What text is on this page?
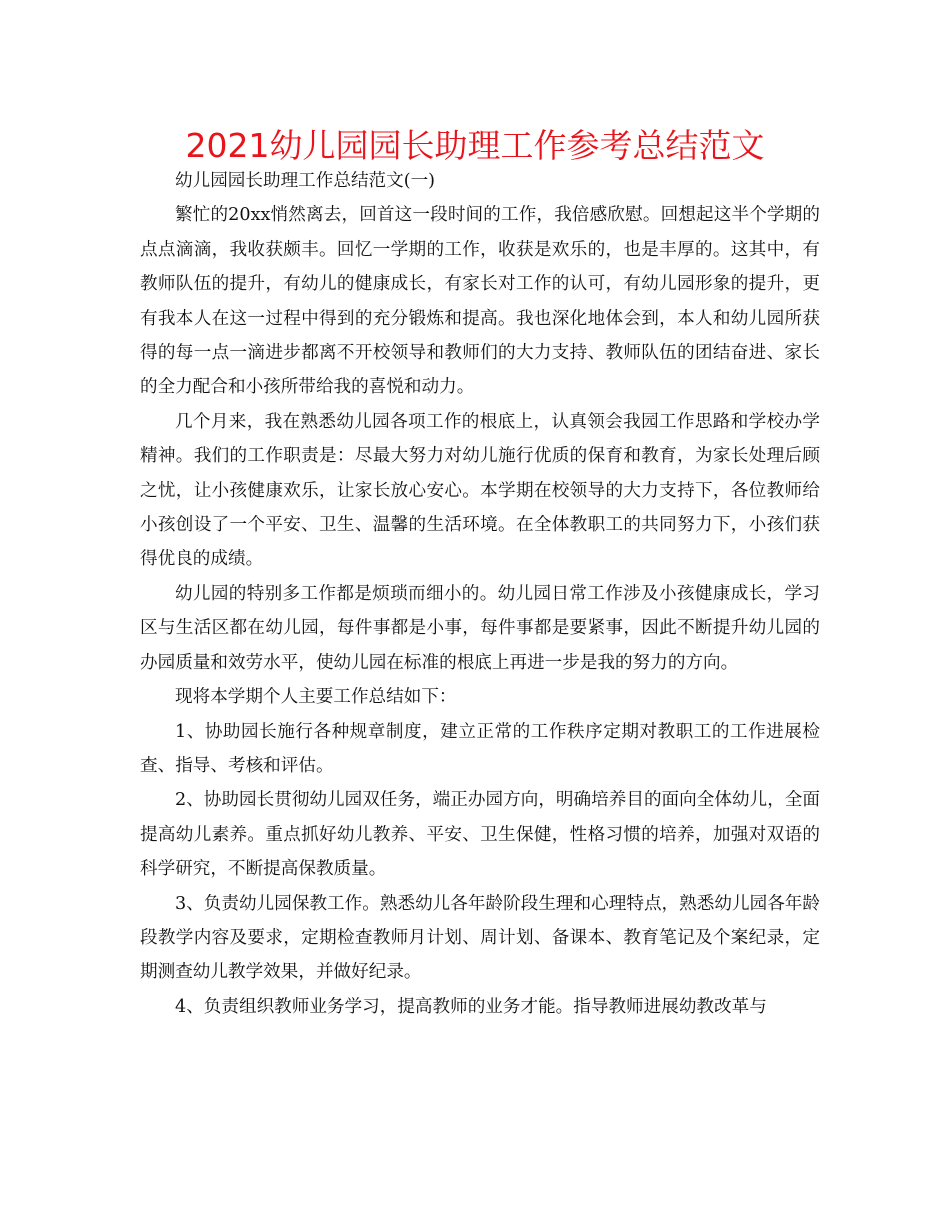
2021幼儿园园长助理工作参考总结范文

幼儿园园长助理工作总结范文(一)

繁忙的20xx悄然离去，回首这一段时间的工作，我倍感欣慰。回想起这半个学期的点点滴滴，我收获颇丰。回忆一学期的工作，收获是欢乐的，也是丰厚的。这其中，有教师队伍的提升，有幼儿的健康成长，有家长对工作的认可，有幼儿园形象的提升，更有我本人在这一过程中得到的充分锻炼和提高。我也深化地体会到，本人和幼儿园所获得的每一点一滴进步都离不开校领导和教师们的大力支持、教师队伍的团结奋进、家长的全力配合和小孩所带给我的喜悦和动力。

几个月来，我在熟悉幼儿园各项工作的根底上，认真领会我园工作思路和学校办学精神。我们的工作职责是：尽最大努力对幼儿施行优质的保育和教育，为家长处理后顾之忧，让小孩健康欢乐，让家长放心安心。本学期在校领导的大力支持下，各位教师给小孩创设了一个平安、卫生、温馨的生活环境。在全体教职工的共同努力下，小孩们获得优良的成绩。

幼儿园的特别多工作都是烦琐而细小的。幼儿园日常工作涉及小孩健康成长，学习区与生活区都在幼儿园，每件事都是小事，每件事都是要紧事，因此不断提升幼儿园的办园质量和效劳水平，使幼儿园在标准的根底上再进一步是我的努力的方向。

现将本学期个人主要工作总结如下：

1、协助园长施行各种规章制度，建立正常的工作秩序定期对教职工的工作进展检查、指导、考核和评估。

2、协助园长贯彻幼儿园双任务，端正办园方向，明确培养目的面向全体幼儿，全面提高幼儿素养。重点抓好幼儿教养、平安、卫生保健，性格习惯的培养，加强对双语的科学研究，不断提高保教质量。

3、负责幼儿园保教工作。熟悉幼儿各年龄阶段生理和心理特点，熟悉幼儿园各年龄段教学内容及要求，定期检查教师月计划、周计划、备课本、教育笔记及个案纪录，定期测查幼儿教学效果，并做好纪录。

4、负责组织教师业务学习，提高教师的业务才能。指导教师进展幼教改革与
